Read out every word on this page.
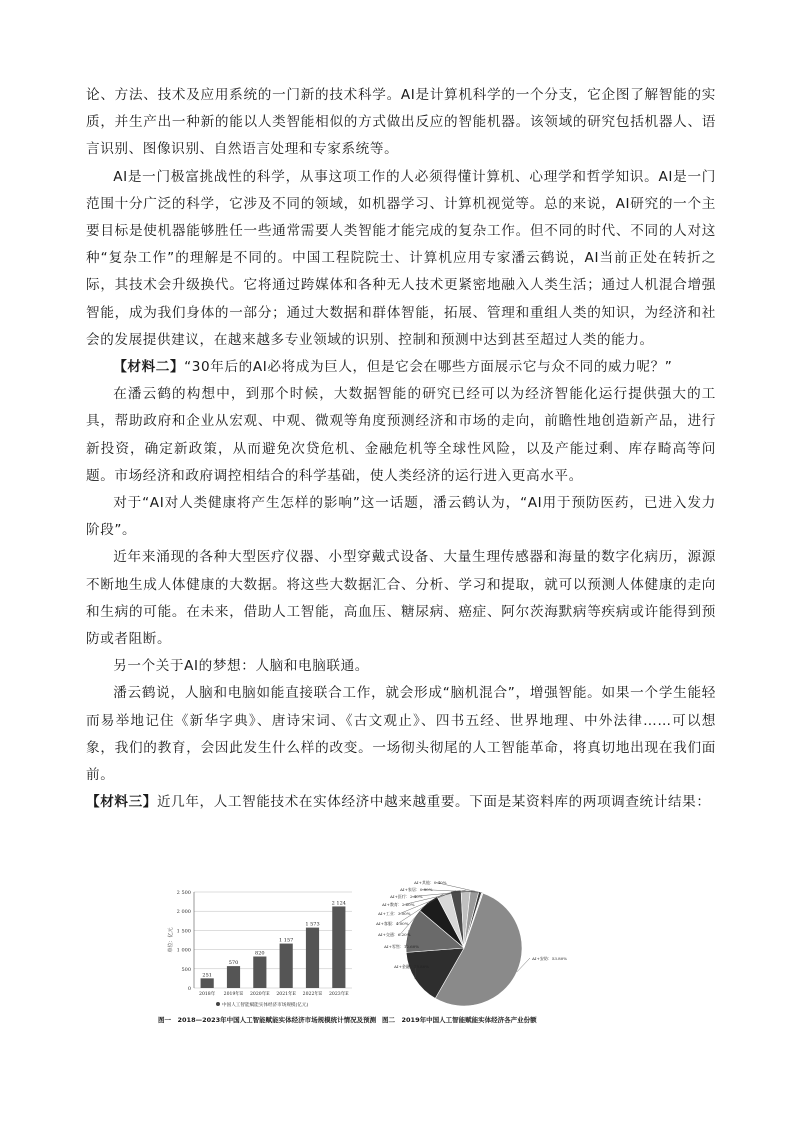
论、方法、技术及应用系统的一门新的技术科学。AI是计算机科学的一个分支，它企图了解智能的实质，并生产出一种新的能以人类智能相似的方式做出反应的智能机器。该领域的研究包括机器人、语言识别、图像识别、自然语言处理和专家系统等。

AI是一门极富挑战性的科学，从事这项工作的人必须得懂计算机、心理学和哲学知识。AI是一门范围十分广泛的科学，它涉及不同的领域，如机器学习、计算机视觉等。总的来说，AI研究的一个主要目标是使机器能够胜任一些通常需要人类智能才能完成的复杂工作。但不同的时代、不同的人对这种“复杂工作”的理解是不同的。中国工程院院士、计算机应用专家潘云鹤说，AI当前正处在转折之际，其技术会升级换代。它将通过跨媒体和各种无人技术更紧密地融入人类生活；通过人机混合增强智能，成为我们身体的一部分；通过大数据和群体智能，拓展、管理和重组人类的知识，为经济和社会的发展提供建议，在越来越多专业领域的识别、控制和预测中达到甚至超过人类的能力。

【材料二】“30年后的AI必将成为巨人，但是它会在哪些方面展示它与众不同的威力呢？”

在潘云鹤的构想中，到那个时候，大数据智能的研究已经可以为经济智能化运行提供强大的工具，帮助政府和企业从宏观、中观、微观等角度预测经济和市场的走向，前瞻性地创造新产品，进行新投资，确定新政策，从而避免次贷危机、金融危机等全球性风险，以及产能过剩、库存畸高等问题。市场经济和政府调控相结合的科学基础，使人类经济的运行进入更高水平。

对于“AI对人类健康将产生怎样的影响”这一话题，潘云鹤认为，“AI用于预防医药，已进入发力阶段”。

近年来涌现的各种大型医疗仪器、小型穿戴式设备、大量生理传感器和海量的数字化病历，源源不断地生成人体健康的大数据。将这些大数据汇合、分析、学习和提取，就可以预测人体健康的走向和生病的可能。在未来，借助人工智能，高血压、糖尿病、癌症、阿尔茨海默病等疾病或许能得到预防或者阻断。

另一个关于AI的梦想：人脑和电脑联通。

潘云鹤说，人脑和电脑如能直接联合工作，就会形成“脑机混合”，增强智能。如果一个学生能轻而易举地记住《新华字典》、唐诗宋词、《古文观止》、四书五经、世界地理、中外法律……可以想象，我们的教育，会因此发生什么样的改变。一场彻头彻尾的人工智能革命，将真切地出现在我们面前。

【材料三】近几年，人工智能技术在实体经济中越来越重要。下面是某资料库的两项调查统计结果：

0
500
1 000
1 500
2 000
2 500
单位：亿元
251
2018年
570
2019年E
820
2020年E
1 157
2021年E
1 573
2022年E
2 124
2023年E
中国人工智能赋能实体经济市场规模(亿元)
图一　2018—2023年中国人工智能赋能实体经济市场规模统计情况及预测
AI+安防：53.80%
AI+金融：15.80%
AI+零售：12.60%
AI+交通：6.20%
AI+客服：4.00%
AI+工业：3.00%
AI+教育：2.60%
AI+医疗：2.40%
AI+家居：0.80%
AI+其他：0.40%
图二　2019年中国人工智能赋能实体经济各产业份额
